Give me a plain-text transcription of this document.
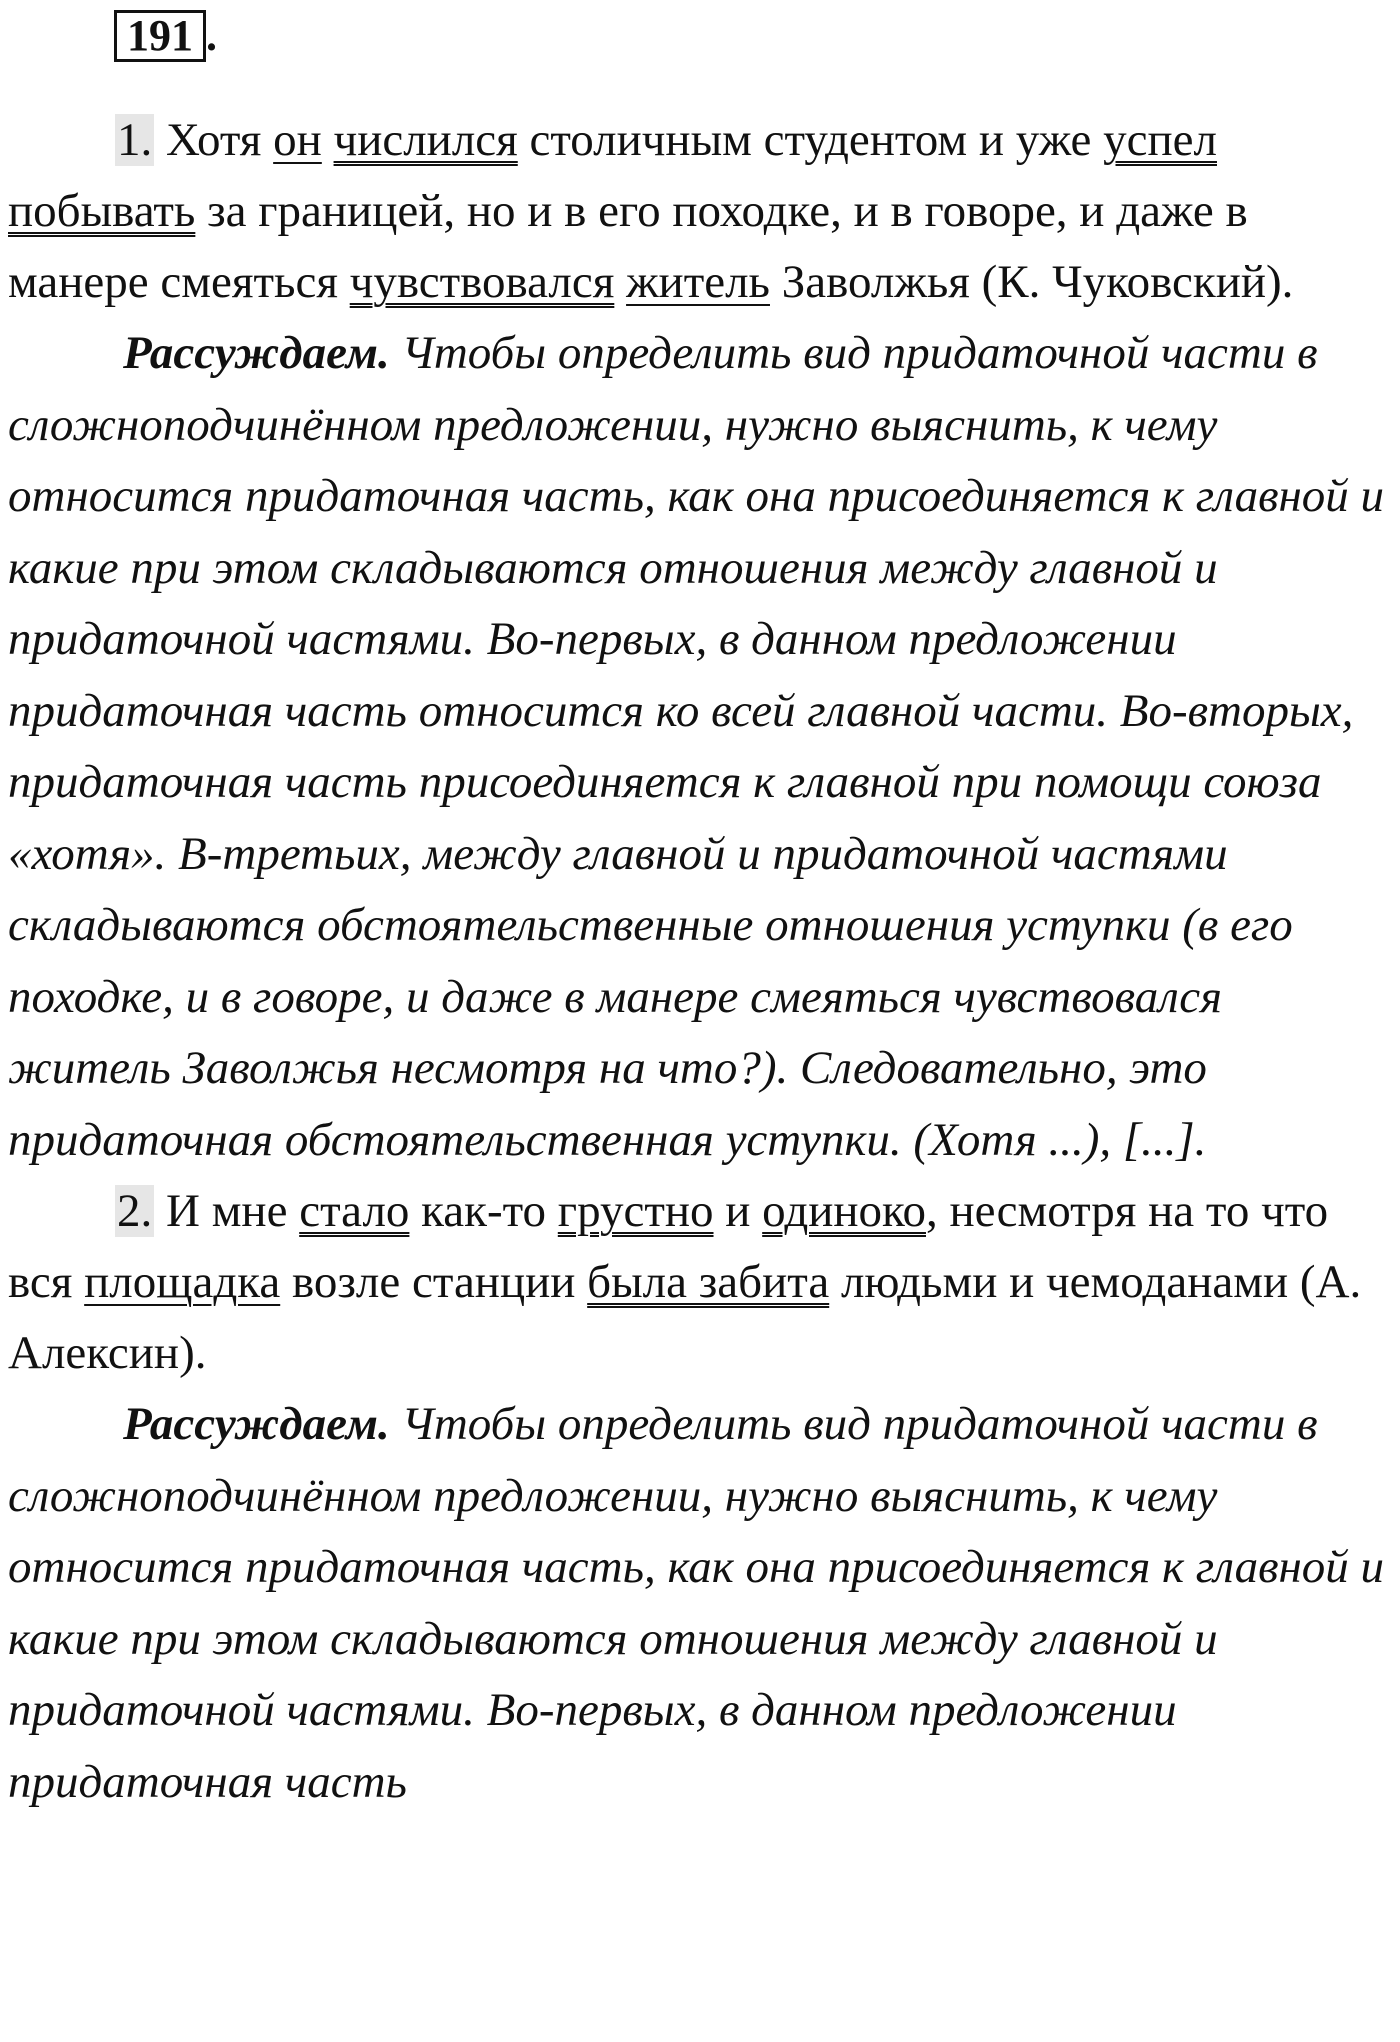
191 .

1. Хотя он числился столичным студентом и уже успел побывать за границей, но и в его походке, и в говоре, и даже в манере смеяться чувствовался житель Заволжья (К. Чуковский).

Рассуждаем. Чтобы определить вид придаточной части в сложноподчинённом предложении, нужно выяснить, к чему относится придаточная часть, как она присоединяется к главной и какие при этом складываются отношения между главной и придаточной частями. Во-первых, в данном предложении придаточная часть относится ко всей главной части. Во-вторых, придаточная часть присоединяется к главной при помощи союза «хотя». В-третьих, между главной и придаточной частями складываются обстоятельственные отношения уступки (в его походке, и в говоре, и даже в манере смеяться чувствовался житель Заволжья несмотря на что?). Следовательно, это придаточная обстоятельственная уступки. (Хотя ...), [...].

2. И мне стало как-то грустно и одиноко, несмотря на то что вся площадка возле станции была забита людьми и чемоданами (А. Алексин).

Рассуждаем. Чтобы определить вид придаточной части в сложноподчинённом предложении, нужно выяснить, к чему относится придаточная часть, как она присоединяется к главной и какие при этом складываются отношения между главной и придаточной частями. Во-первых, в данном предложении придаточная часть
